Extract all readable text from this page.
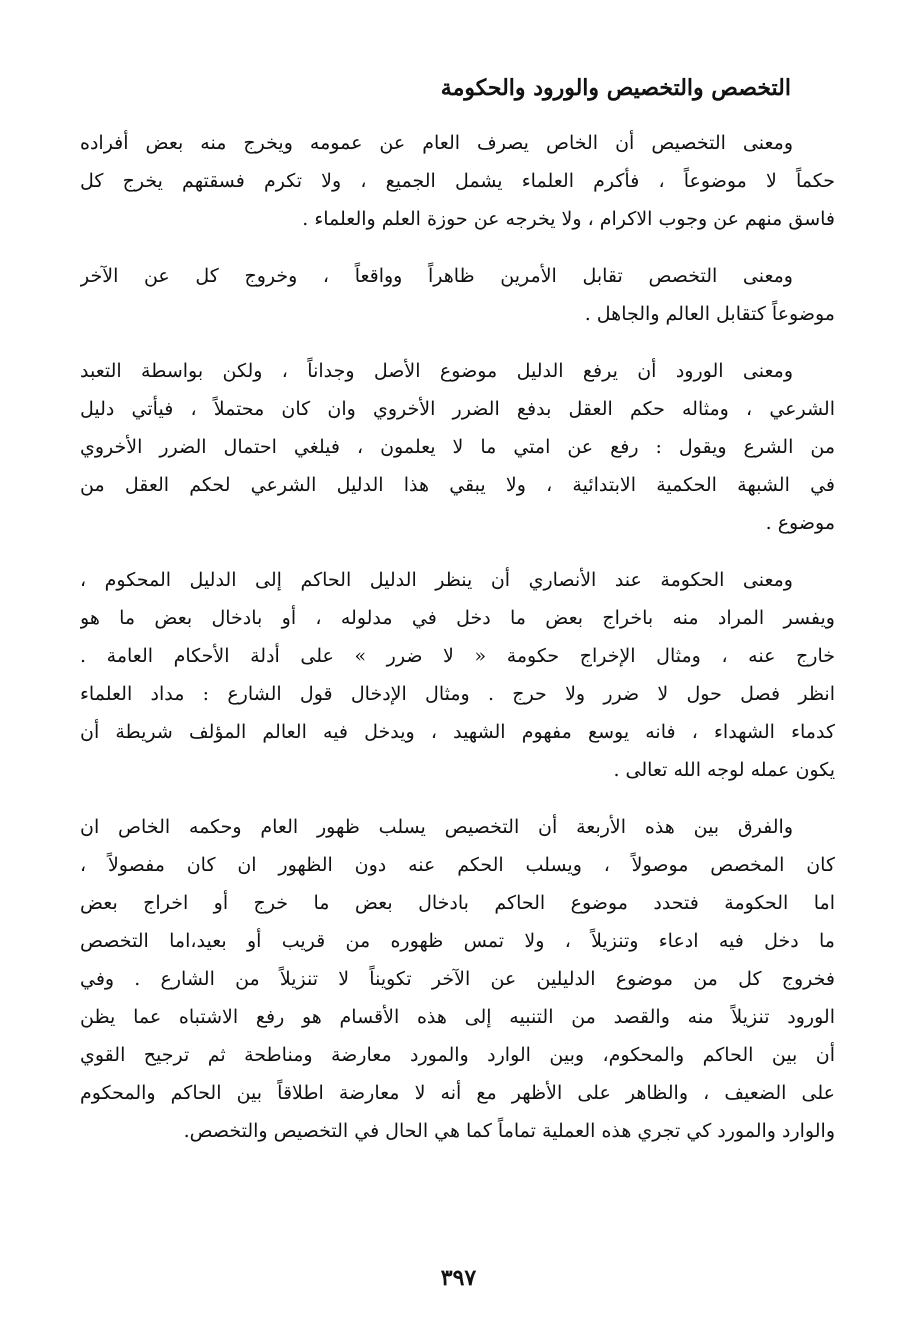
التخصص والتخصيص والورود والحكومة

ومعنى التخصيص أن الخاص يصرف العام عن عمومه ويخرج منه بعض أفراده
حكماً لا موضوعاً ، فأكرم العلماء يشمل الجميع ، ولا تكرم فسقتهم يخرج كل
فاسق منهم عن وجوب الاكرام ، ولا يخرجه عن حوزة العلم والعلماء .

ومعنى التخصص تقابل الأمرين ظاهراً وواقعاً ، وخروج كل عن الآخر
موضوعاً كتقابل العالم والجاهل .

ومعنى الورود أن يرفع الدليل موضوع الأصل وجداناً ، ولكن بواسطة التعبد
الشرعي ، ومثاله حكم العقل بدفع الضرر الأخروي وان كان محتملاً ، فيأتي دليل
من الشرع ويقول : رفع عن امتي ما لا يعلمون ، فيلغي احتمال الضرر الأخروي
في الشبهة الحكمية الابتدائية ، ولا يبقي هذا الدليل الشرعي لحكم العقل من
موضوع .

ومعنى الحكومة عند الأنصاري أن ينظر الدليل الحاكم إلى الدليل المحكوم ،
ويفسر المراد منه باخراج بعض ما دخل في مدلوله ، أو بادخال بعض ما هو
خارج عنه ، ومثال الإخراج حكومة « لا ضرر » على أدلة الأحكام العامة .
انظر فصل حول لا ضرر ولا حرج . ومثال الإدخال قول الشارع : مداد العلماء
كدماء الشهداء ، فانه يوسع مفهوم الشهيد ، ويدخل فيه العالم المؤلف شريطة أن
يكون عمله لوجه الله تعالى .

والفرق بين هذه الأربعة أن التخصيص يسلب ظهور العام وحكمه الخاص ان
كان المخصص موصولاً ، ويسلب الحكم عنه دون الظهور ان كان مفصولاً ،
اما الحكومة فتحدد موضوع الحاكم بادخال بعض ما خرج أو اخراج بعض
ما دخل فيه ادعاء وتنزيلاً ، ولا تمس ظهوره من قريب أو بعيد،اما التخصص
فخروج كل من موضوع الدليلين عن الآخر تكويناً لا تنزيلاً من الشارع . وفي
الورود تنزيلاً منه والقصد من التنبيه إلى هذه الأقسام هو رفع الاشتباه عما يظن
أن بين الحاكم والمحكوم، وبين الوارد والمورد معارضة ومناطحة ثم ترجيح القوي
على الضعيف ، والظاهر على الأظهر مع أنه لا معارضة اطلاقاً بين الحاكم والمحكوم
والوارد والمورد كي تجري هذه العملية تماماً كما هي الحال في التخصيص والتخصص.

٣٩٧
